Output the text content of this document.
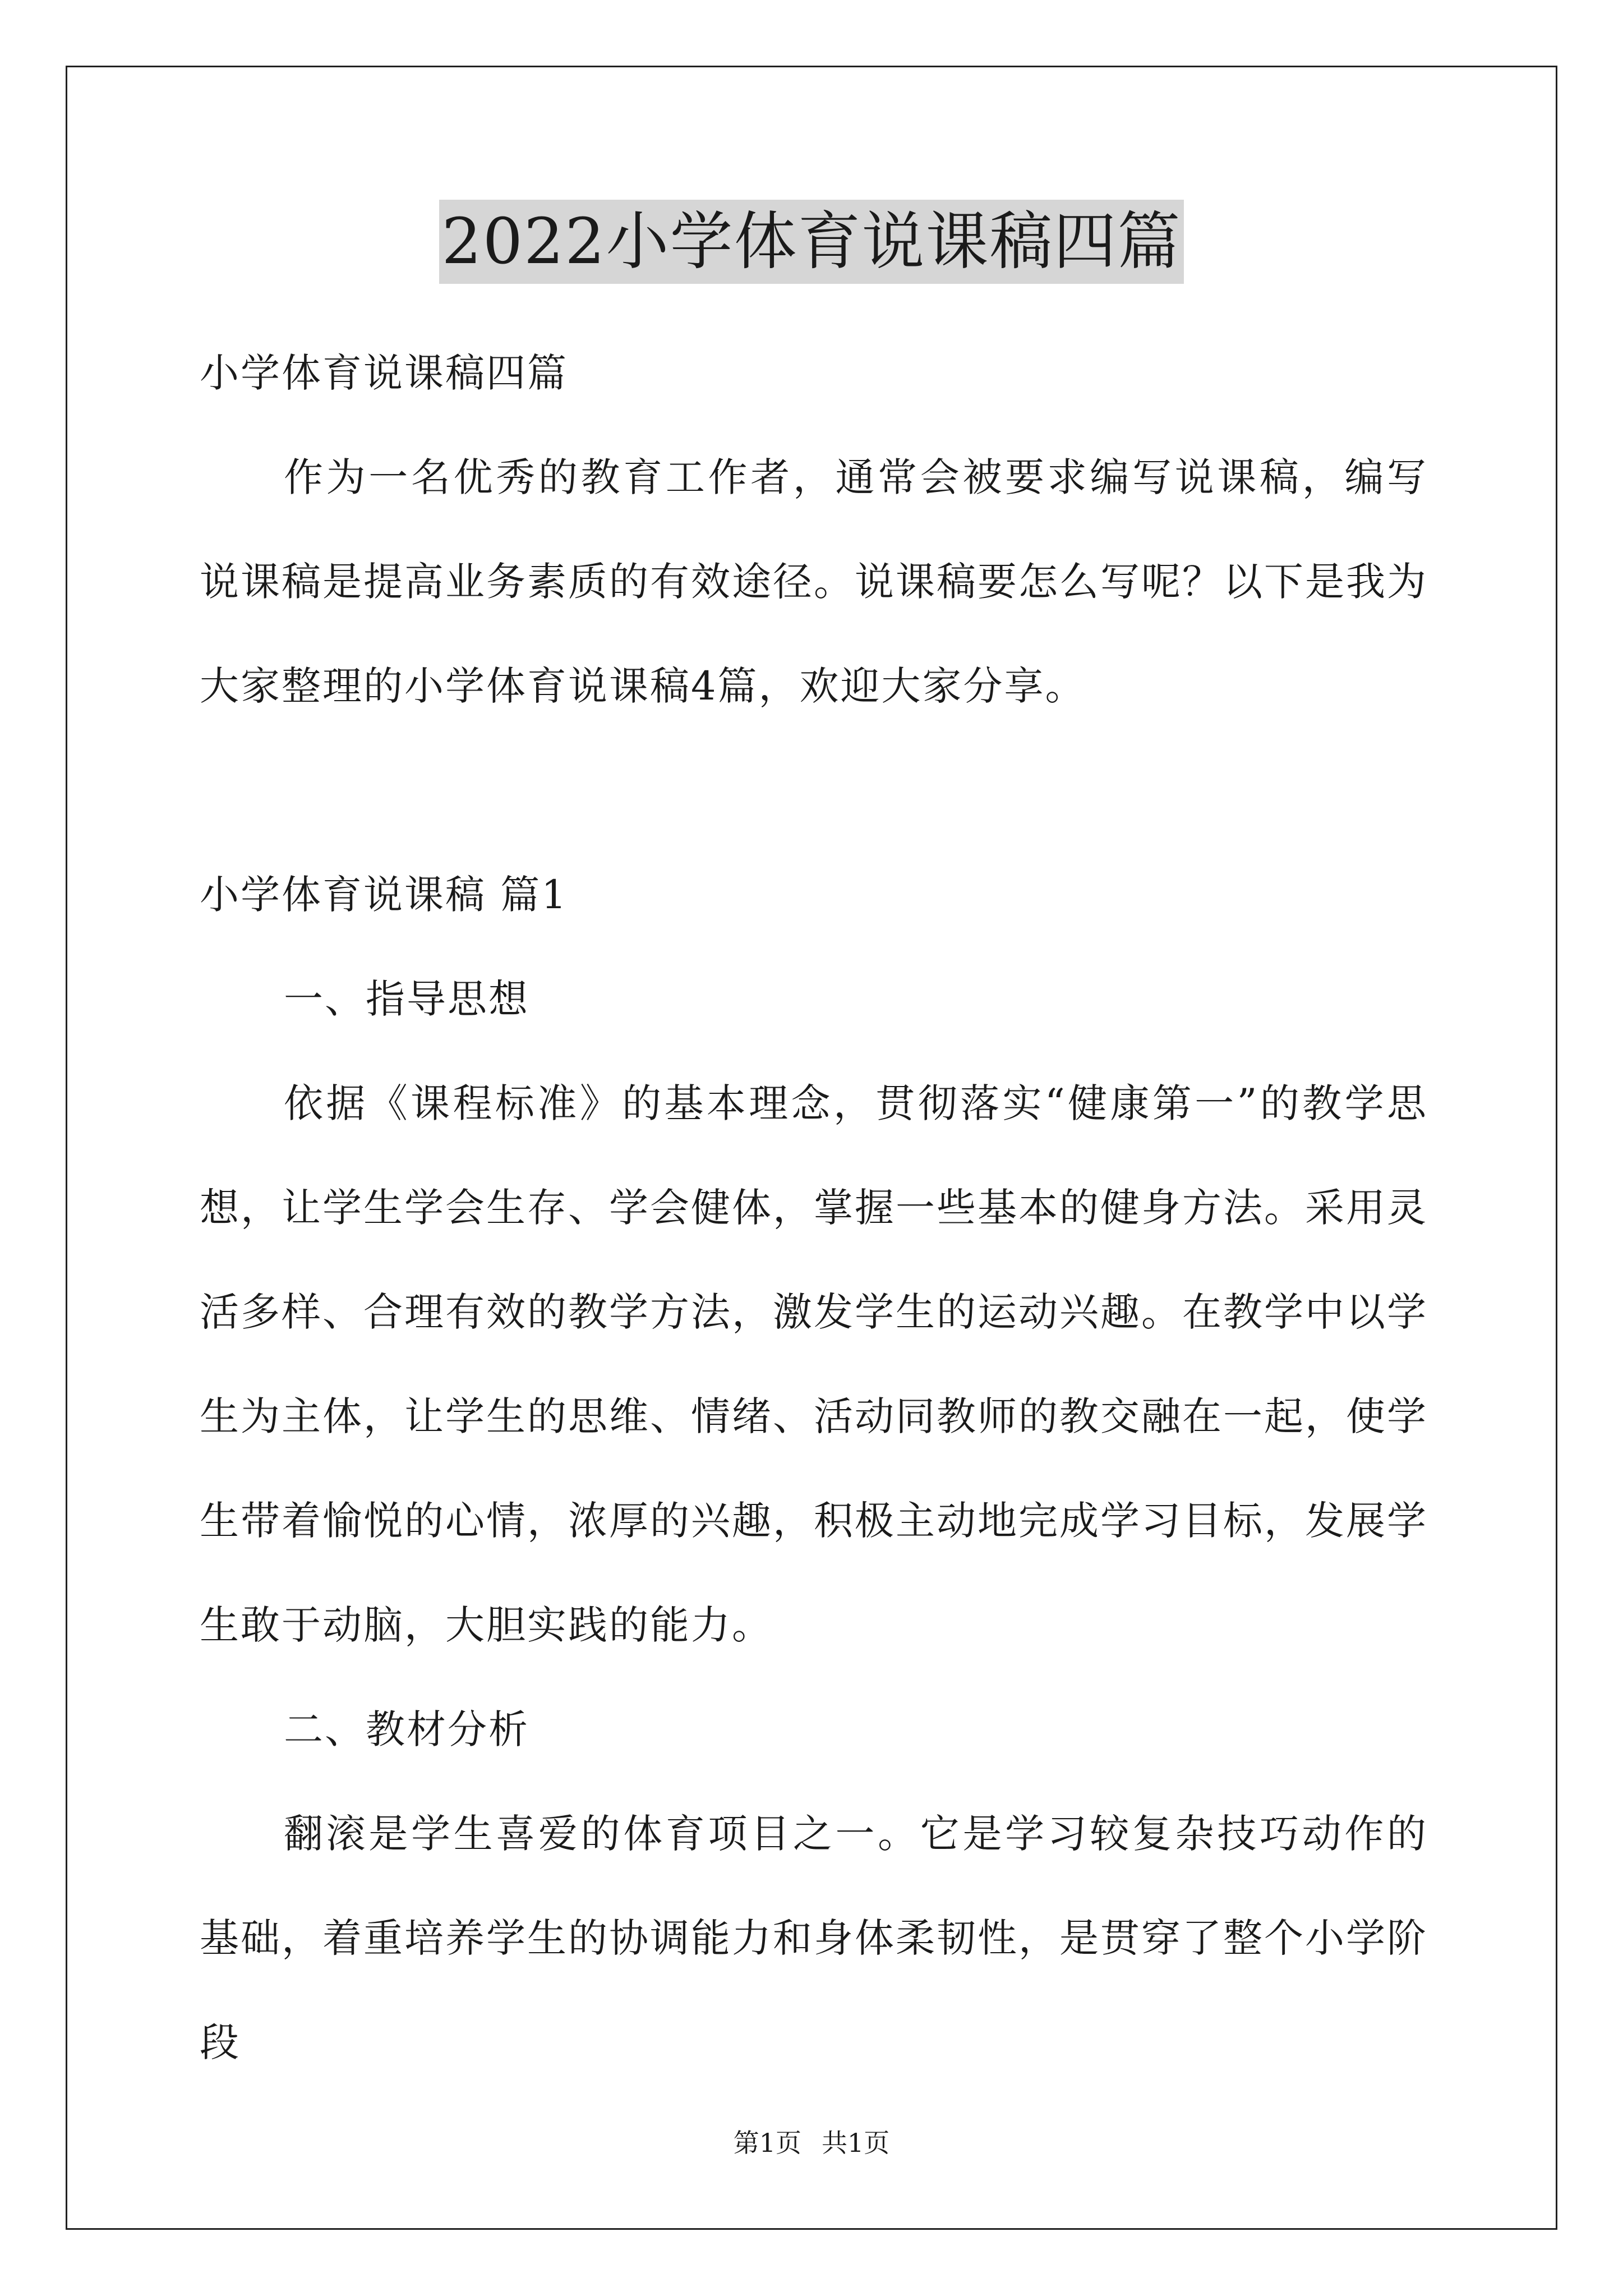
2022小学体育说课稿四篇

小学体育说课稿四篇

作为一名优秀的教育工作者，通常会被要求编写说课稿，编写说课稿是提高业务素质的有效途径。说课稿要怎么写呢？以下是我为大家整理的小学体育说课稿4篇，欢迎大家分享。

小学体育说课稿 篇1

一、指导思想

依据《课程标准》的基本理念，贯彻落实“健康第一”的教学思想，让学生学会生存、学会健体，掌握一些基本的健身方法。采用灵活多样、合理有效的教学方法，激发学生的运动兴趣。在教学中以学生为主体，让学生的思维、情绪、活动同教师的教交融在一起，使学生带着愉悦的心情，浓厚的兴趣，积极主动地完成学习目标，发展学生敢于动脑，大胆实践的能力。

二、教材分析

翻滚是学生喜爱的体育项目之一。它是学习较复杂技巧动作的基础，着重培养学生的协调能力和身体柔韧性，是贯穿了整个小学阶段

第1页 共1页
